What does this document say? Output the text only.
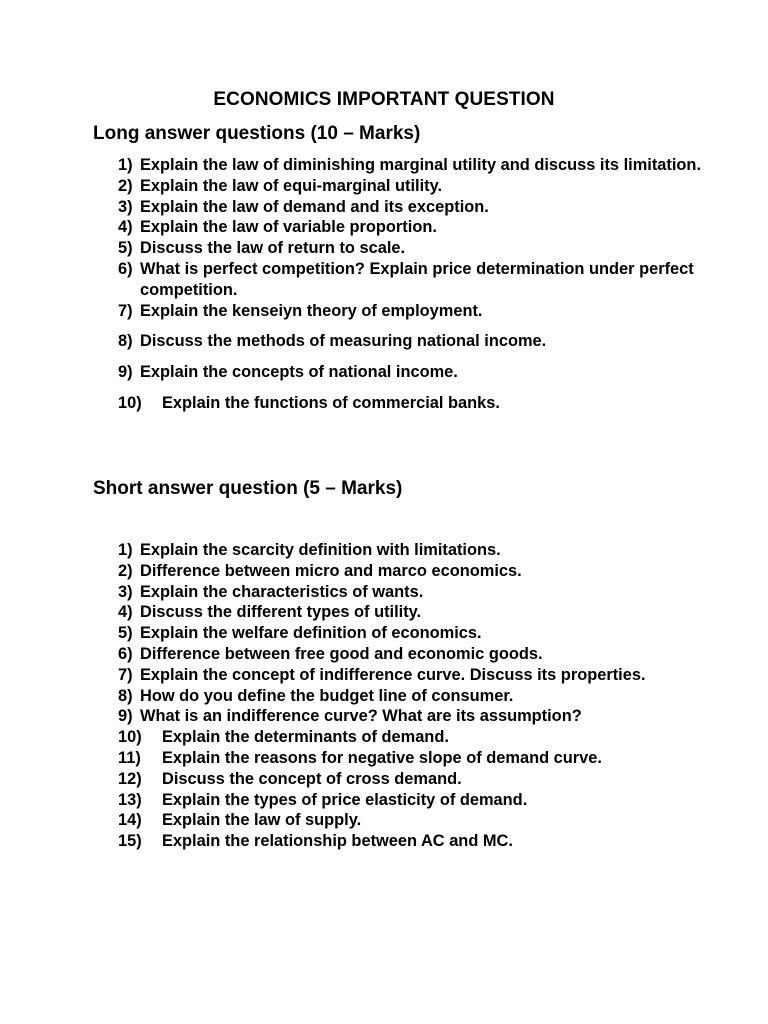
ECONOMICS IMPORTANT QUESTION
Long answer questions (10 – Marks)
1) Explain the law of diminishing marginal utility and discuss its limitation.
2) Explain the law of equi-marginal utility.
3) Explain the law of demand and its exception.
4) Explain the law of variable proportion.
5) Discuss the law of return to scale.
6) What is perfect competition? Explain price determination under perfect competition.
7) Explain the kenseiyn theory of employment.
8) Discuss the methods of measuring national income.
9) Explain the concepts of national income.
10) Explain the functions of commercial banks.
Short answer question (5 – Marks)
1) Explain the scarcity definition with limitations.
2) Difference between micro and marco economics.
3) Explain the characteristics of wants.
4) Discuss the different types of utility.
5) Explain the welfare definition of economics.
6) Difference between free good and economic goods.
7) Explain the concept of indifference curve. Discuss its properties.
8) How do you define the budget line of consumer.
9) What is an indifference curve? What are its assumption?
10) Explain the determinants of demand.
11) Explain the reasons for negative slope of demand curve.
12) Discuss the concept of cross demand.
13) Explain the types of price elasticity of demand.
14) Explain the law of supply.
15) Explain the relationship between AC and MC.
